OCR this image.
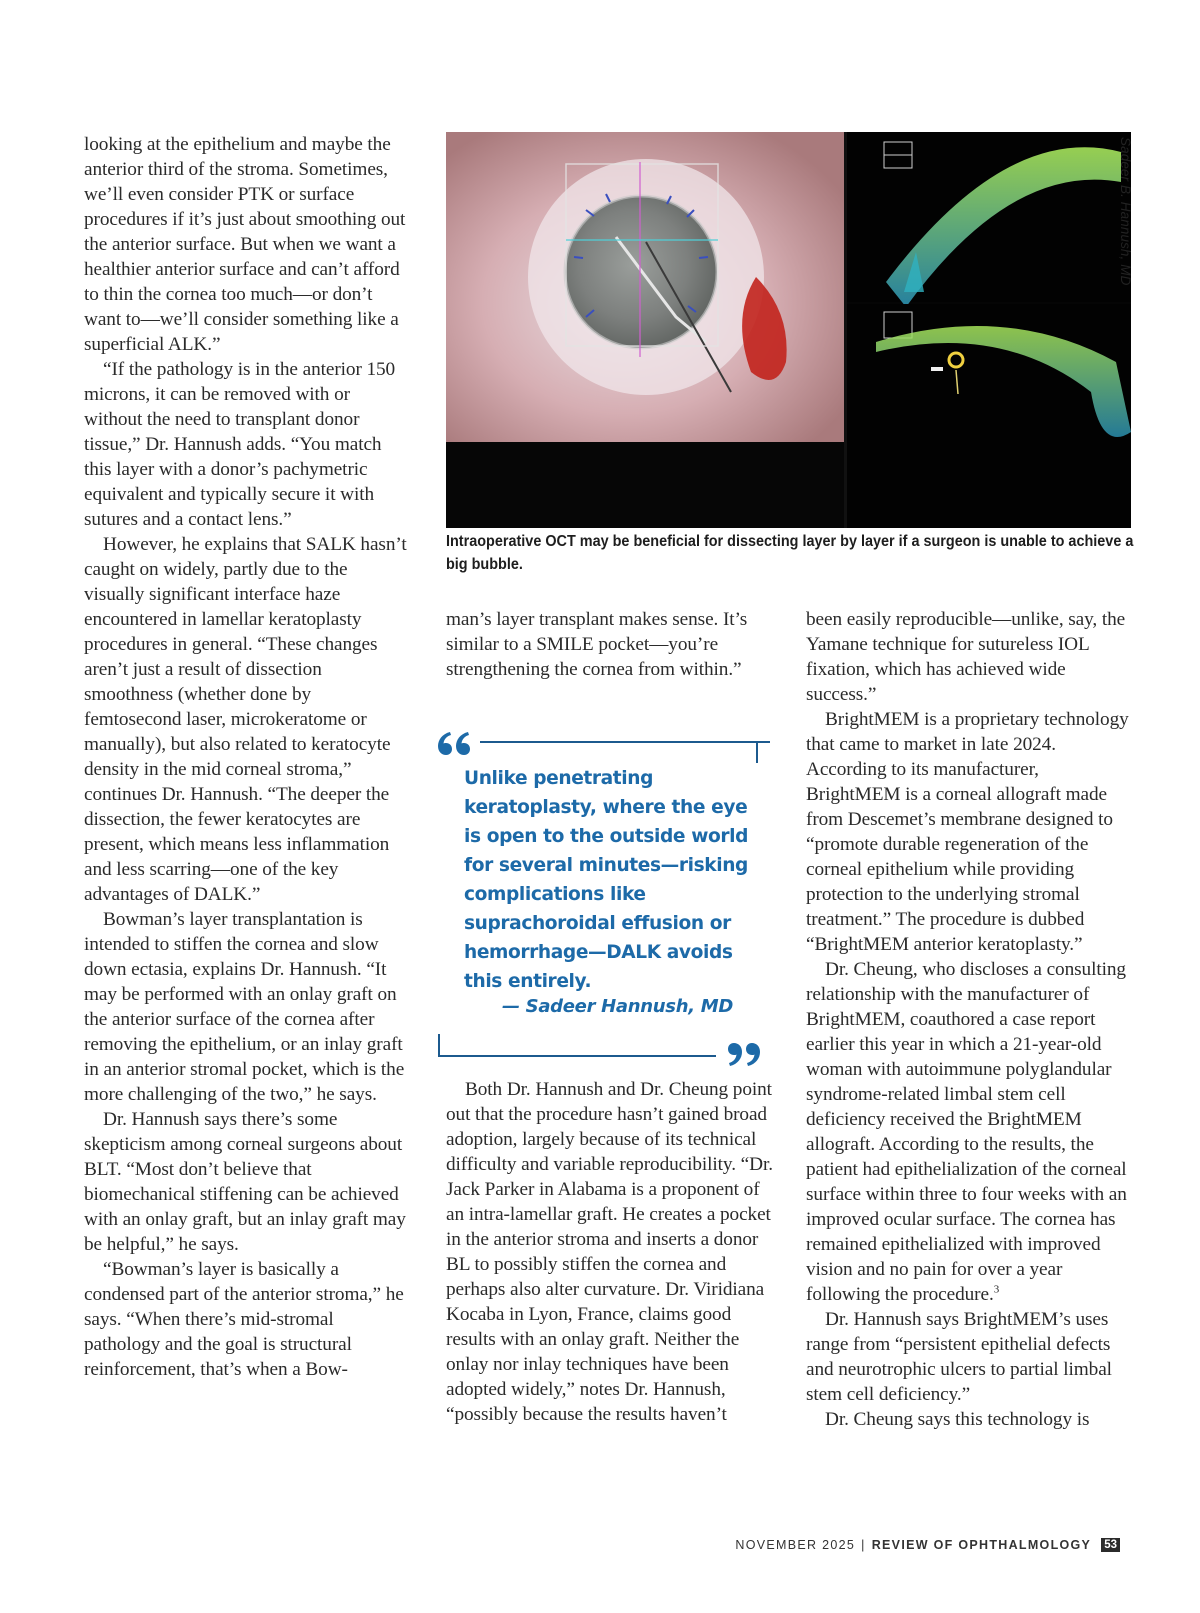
looking at the epithelium and maybe the anterior third of the stroma. Sometimes, we’ll even consider PTK or surface procedures if it’s just about smoothing out the anterior surface. But when we want a healthier anterior surface and can’t afford to thin the cornea too much—or don’t want to—we’ll consider something like a superficial ALK.”

“If the pathology is in the anterior 150 microns, it can be removed with or without the need to transplant donor tissue,” Dr. Hannush adds. “You match this layer with a donor’s pachymetric equivalent and typically secure it with sutures and a contact lens.”

However, he explains that SALK hasn’t caught on widely, partly due to the visually significant interface haze encountered in lamellar keratoplasty procedures in general. “These changes aren’t just a result of dissection smoothness (whether done by femtosecond laser, microkeratome or manually), but also related to keratocyte density in the mid corneal stroma,” continues Dr. Hannush. “The deeper the dissection, the fewer keratocytes are present, which means less inflammation and less scarring—one of the key advantages of DALK.”

Bowman’s layer transplantation is intended to stiffen the cornea and slow down ectasia, explains Dr. Hannush. “It may be performed with an onlay graft on the anterior surface of the cornea after removing the epithelium, or an inlay graft in an anterior stromal pocket, which is the more challenging of the two,” he says.

Dr. Hannush says there’s some skepticism among corneal surgeons about BLT. “Most don’t believe that biomechanical stiffening can be achieved with an onlay graft, but an inlay graft may be helpful,” he says.

“Bowman’s layer is basically a condensed part of the anterior stroma,” he says. “When there’s mid-stromal pathology and the goal is structural reinforcement, that’s when a Bow-

Sadeer B. Hannush, MD
Intraoperative OCT may be beneficial for dissecting layer by layer if a surgeon is unable to achieve a big bubble.

man’s layer transplant makes sense. It’s similar to a SMILE pocket—you’re strengthening the cornea from within.”

Both Dr. Hannush and Dr. Cheung point out that the procedure hasn’t gained broad adoption, largely because of its technical difficulty and variable reproducibility. “Dr. Jack Parker in Alabama is a proponent of an intra-lamellar graft. He creates a pocket in the anterior stroma and inserts a donor BL to possibly stiffen the cornea and perhaps also alter curvature. Dr. Viridiana Kocaba in Lyon, France, claims good results with an onlay graft. Neither the onlay nor inlay techniques have been adopted widely,” notes Dr. Hannush, “possibly because the results haven’t

Unlike penetrating keratoplasty, where the eye is open to the outside world for several minutes—risking complications like suprachoroidal effusion or hemorrhage—DALK avoids this entirely.
— Sadeer Hannush, MD

been easily reproducible—unlike, say, the Yamane technique for sutureless IOL fixation, which has achieved wide success.”

BrightMEM is a proprietary technology that came to market in late 2024. According to its manufacturer, BrightMEM is a corneal allograft made from Descemet’s membrane designed to “promote durable regeneration of the corneal epithelium while providing protection to the underlying stromal treatment.” The procedure is dubbed “BrightMEM anterior keratoplasty.”

Dr. Cheung, who discloses a consulting relationship with the manufacturer of BrightMEM, coauthored a case report earlier this year in which a 21-year-old woman with autoimmune polyglandular syndrome-related limbal stem cell deficiency received the BrightMEM allograft. According to the results, the patient had epithelialization of the corneal surface within three to four weeks with an improved ocular surface. The cornea has remained epithelialized with improved vision and no pain for over a year following the procedure.$^3$

Dr. Hannush says BrightMEM’s uses range from “persistent epithelial defects and neurotrophic ulcers to partial limbal stem cell deficiency.”

Dr. Cheung says this technology is

NOVEMBER 2025 | REVIEW OF OPHTHALMOLOGY 53
